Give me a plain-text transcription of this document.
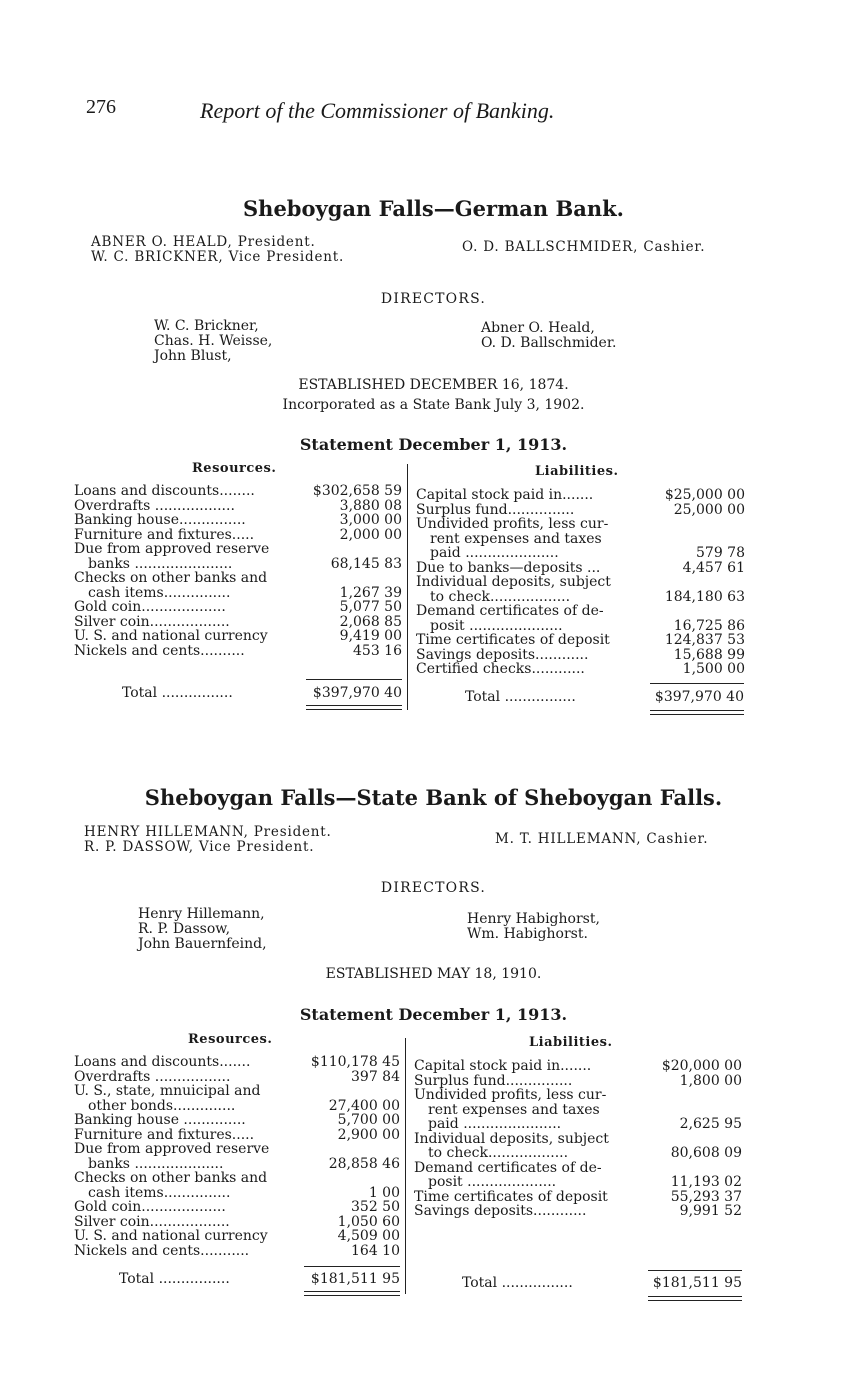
276	Report of the Commissioner of Banking.
Sheboygan Falls—German Bank.
ABNER O. HEALD, President.
W. C. BRICKNER, Vice President.
O. D. BALLSCHMIDER, Cashier.
DIRECTORS.
W. C. Brickner,
Chas. H. Weisse,
John Blust,
Abner O. Heald,
O. D. Ballschmider.
ESTABLISHED DECEMBER 16, 1874.
Incorporated as a State Bank July 3, 1902.
Statement December 1, 1913.
Resources.	Liabilities.
Loans and discounts........	$302,658 59
Overdrafts ..................	3,880 08
Banking house...............	3,000 00
Furniture and fixtures.....	2,000 00
Due from approved reserve
banks ......................	68,145 83
Checks on other banks and
cash items...............	1,267 39
Gold coin...................	5,077 50
Silver coin..................	2,068 85
U. S. and national currency	9,419 00
Nickels and cents..........	453 16
Capital stock paid in.......	$25,000 00
Surplus fund...............	25,000 00
Undivided profits, less cur-
rent expenses and taxes
paid .....................	579 78
Due to banks—deposits ...	4,457 61
Individual deposits, subject
to check..................	184,180 63
Demand certificates of de-
posit .....................	16,725 86
Time certificates of deposit	124,837 53
Savings deposits............	15,688 99
Certified checks............	1,500 00
Total ................	$397,970 40	Total ................	$397,970 40
Sheboygan Falls—State Bank of Sheboygan Falls.
HENRY HILLEMANN, President.
R. P. DASSOW, Vice President.	M. T. HILLEMANN, Cashier.
DIRECTORS.
Henry Hillemann,
R. P. Dassow,
John Bauernfeind,
Henry Habighorst,
Wm. Habighorst.
ESTABLISHED MAY 18, 1910.
Statement December 1, 1913.
Resources.	Liabilities.
Loans and discounts.......	$110,178 45
Overdrafts .................	397 84
U. S., state, mnuicipal and
other bonds..............	27,400 00
Banking house ..............	5,700 00
Furniture and fixtures.....	2,900 00
Due from approved reserve
banks ....................	28,858 46
Checks on other banks and
cash items...............	1 00
Gold coin...................	352 50
Silver coin..................	1,050 60
U. S. and national currency	4,509 00
Nickels and cents...........	164 10
Capital stock paid in.......	$20,000 00
Surplus fund...............	1,800 00
Undivided profits, less cur-
rent expenses and taxes
paid ......................	2,625 95
Individual deposits, subject
to check..................	80,608 09
Demand certificates of de-
posit ....................	11,193 02
Time certificates of deposit	55,293 37
Savings deposits............	9,991 52
Total ................	$181,511 95	Total ................	$181,511 95
